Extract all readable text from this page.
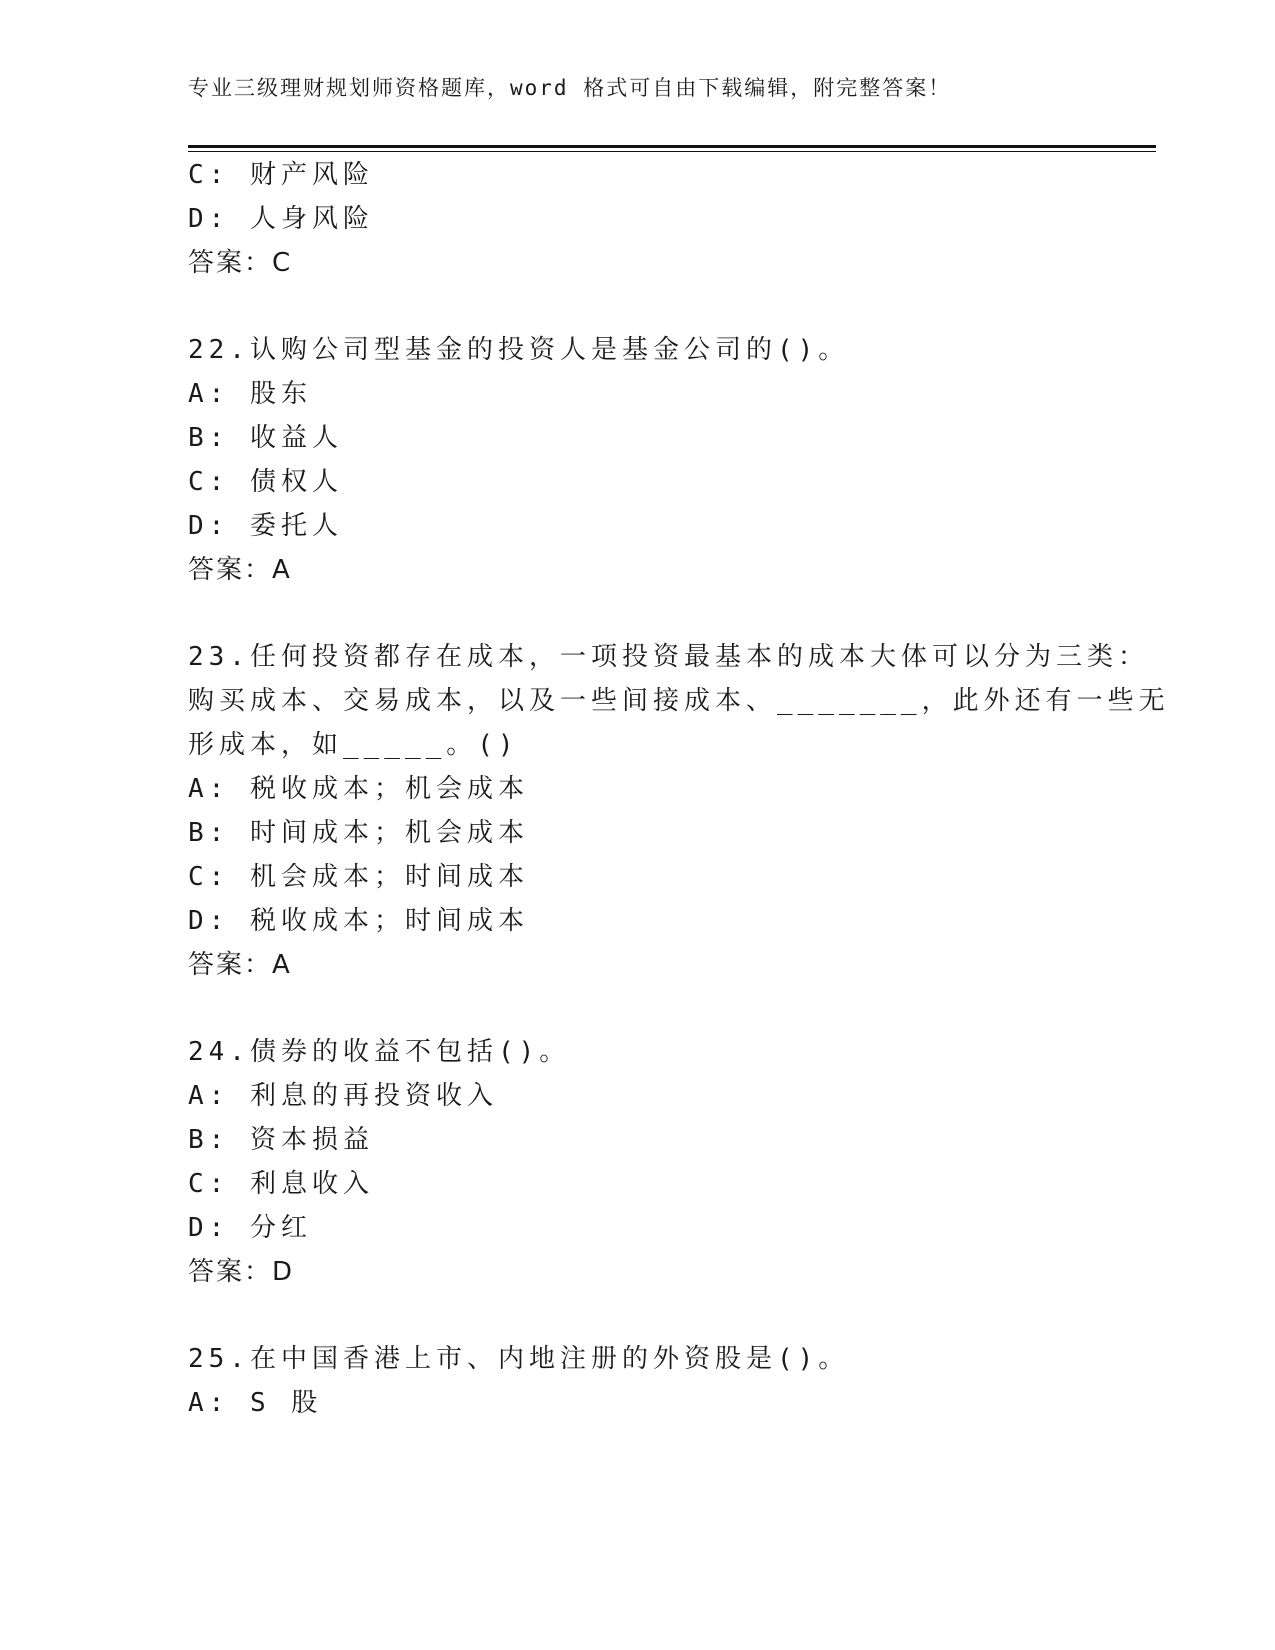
专业三级理财规划师资格题库，word 格式可自由下载编辑，附完整答案！
C: 财产风险
D: 人身风险
答案：C
22.认购公司型基金的投资人是基金公司的()。
A: 股东
B: 收益人
C: 债权人
D: 委托人
答案：A
23.任何投资都存在成本，一项投资最基本的成本大体可以分为三类：
购买成本、交易成本，以及一些间接成本、_______，此外还有一些无
形成本，如_____。()
A: 税收成本；机会成本
B: 时间成本；机会成本
C: 机会成本；时间成本
D: 税收成本；时间成本
答案：A
24.债券的收益不包括()。
A: 利息的再投资收入
B: 资本损益
C: 利息收入
D: 分红
答案：D
25.在中国香港上市、内地注册的外资股是()。
A: S 股
